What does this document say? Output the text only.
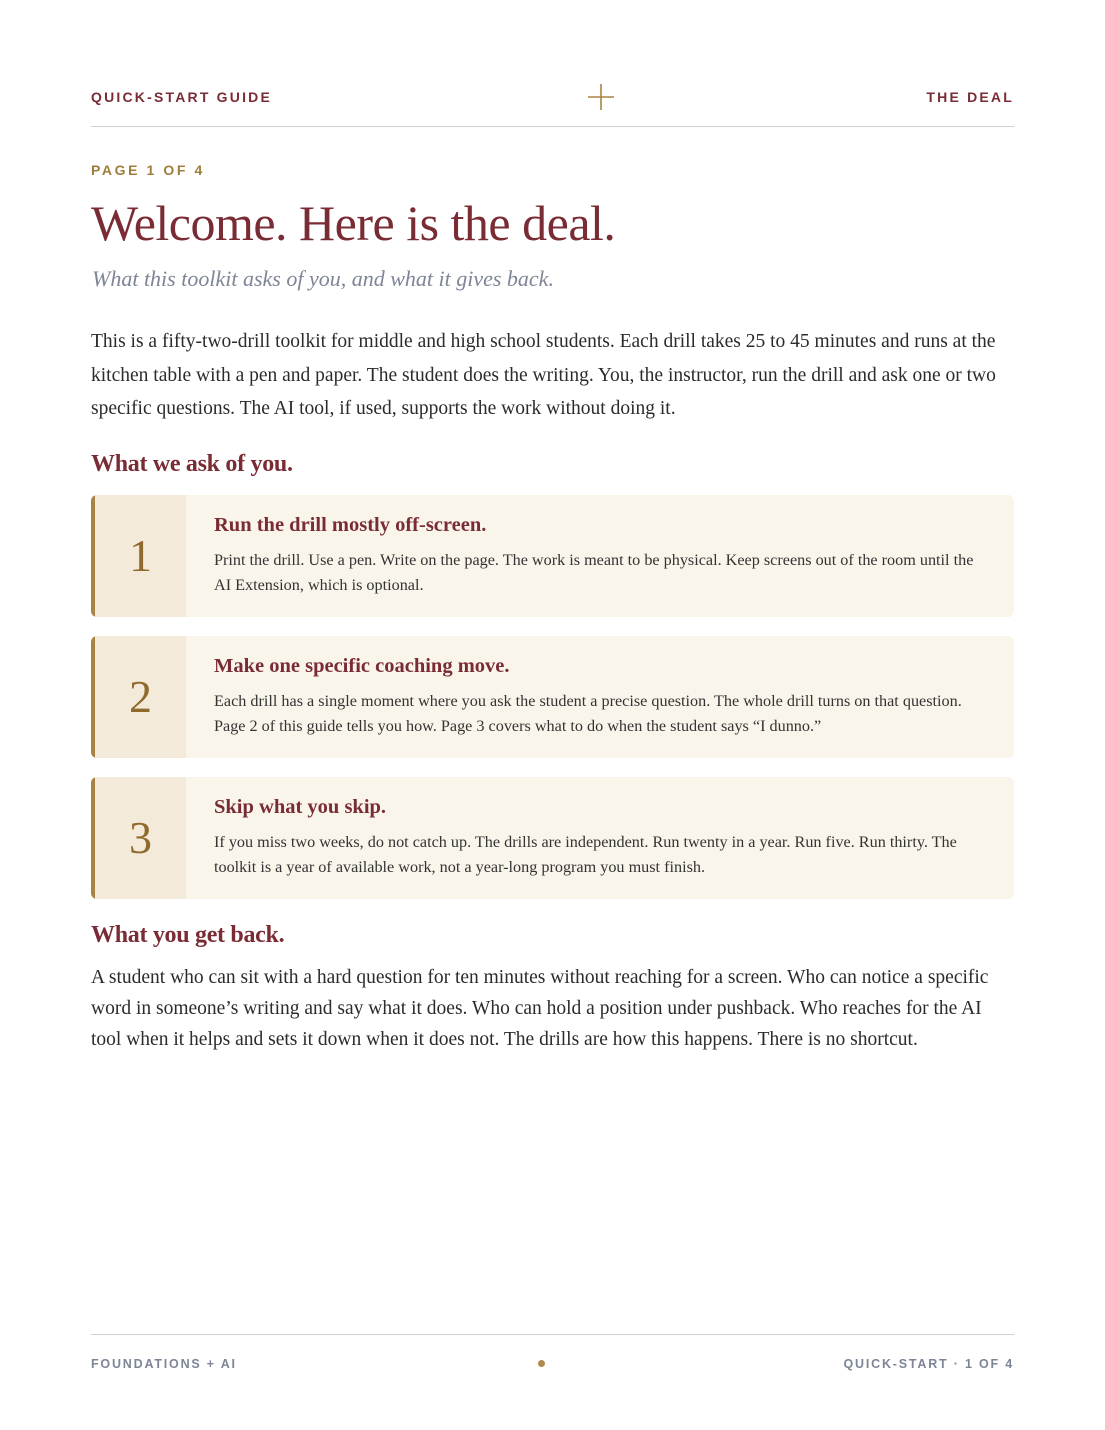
QUICK-START GUIDE	THE DEAL
PAGE 1 OF 4
Welcome. Here is the deal.
What this toolkit asks of you, and what it gives back.

This is a fifty-two-drill toolkit for middle and high school students. Each drill takes 25 to 45 minutes and runs at the kitchen table with a pen and paper. The student does the writing. You, the instructor, run the drill and ask one or two specific questions. The AI tool, if used, supports the work without doing it.

What we ask of you.
1
Run the drill mostly off-screen.
Print the drill. Use a pen. Write on the page. The work is meant to be physical. Keep screens out of the room until the AI Extension, which is optional.
2
Make one specific coaching move.
Each drill has a single moment where you ask the student a precise question. The whole drill turns on that question. Page 2 of this guide tells you how. Page 3 covers what to do when the student says “I dunno.”
3
Skip what you skip.
If you miss two weeks, do not catch up. The drills are independent. Run twenty in a year. Run five. Run thirty. The toolkit is a year of available work, not a year-long program you must finish.
What you get back.

A student who can sit with a hard question for ten minutes without reaching for a screen. Who can notice a specific word in someone’s writing and say what it does. Who can hold a position under pushback. Who reaches for the AI tool when it helps and sets it down when it does not. The drills are how this happens. There is no shortcut.

FOUNDATIONS + AI	QUICK-START · 1 OF 4
